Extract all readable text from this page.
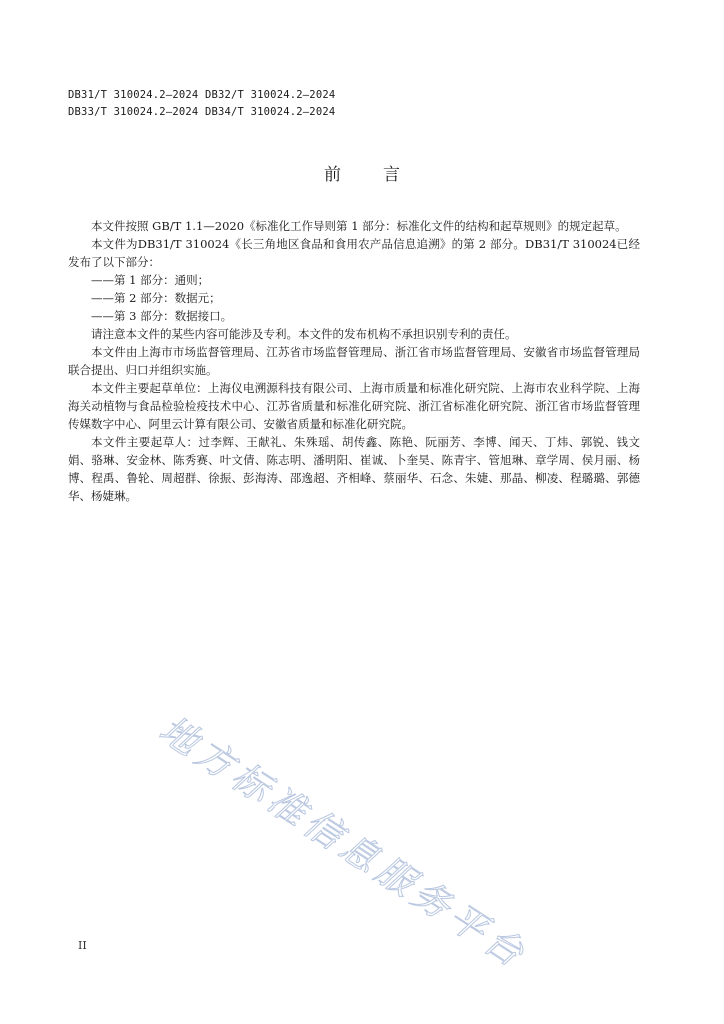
DB31/T 310024.2—2024 DB32/T 310024.2—2024
DB33/T 310024.2—2024 DB34/T 310024.2—2024
前言

本文件按照 GB/T 1.1—2020《标准化工作导则第 1 部分：标准化文件的结构和起草规则》的规定起草。

本文件为DB31/T 310024《长三角地区食品和食用农产品信息追溯》的第 2 部分。DB31/T 310024已经发布了以下部分：

——第 1 部分：通则；

——第 2 部分：数据元；

——第 3 部分：数据接口。

请注意本文件的某些内容可能涉及专利。本文件的发布机构不承担识别专利的责任。

本文件由上海市市场监督管理局、江苏省市场监督管理局、浙江省市场监督管理局、安徽省市场监督管理局联合提出、归口并组织实施。

本文件主要起草单位：上海仪电溯源科技有限公司、上海市质量和标准化研究院、上海市农业科学院、上海海关动植物与食品检验检疫技术中心、江苏省质量和标准化研究院、浙江省标准化研究院、浙江省市场监督管理传媒数字中心、阿里云计算有限公司、安徽省质量和标准化研究院。

本文件主要起草人：过李辉、王献礼、朱殊瑶、胡传鑫、陈艳、阮丽芳、李博、闻天、丁炜、郭锐、钱文娟、骆琳、安金林、陈秀赛、叶文倩、陈志明、潘明阳、崔诚、卜奎昊、陈青宇、管旭琳、章学周、侯月丽、杨博、程禹、鲁轮、周超群、徐振、彭海涛、邵逸超、齐相峰、蔡丽华、石念、朱婕、那晶、柳凌、程璐璐、郭德华、杨婕琳。

地方标准信息服务平台
II
